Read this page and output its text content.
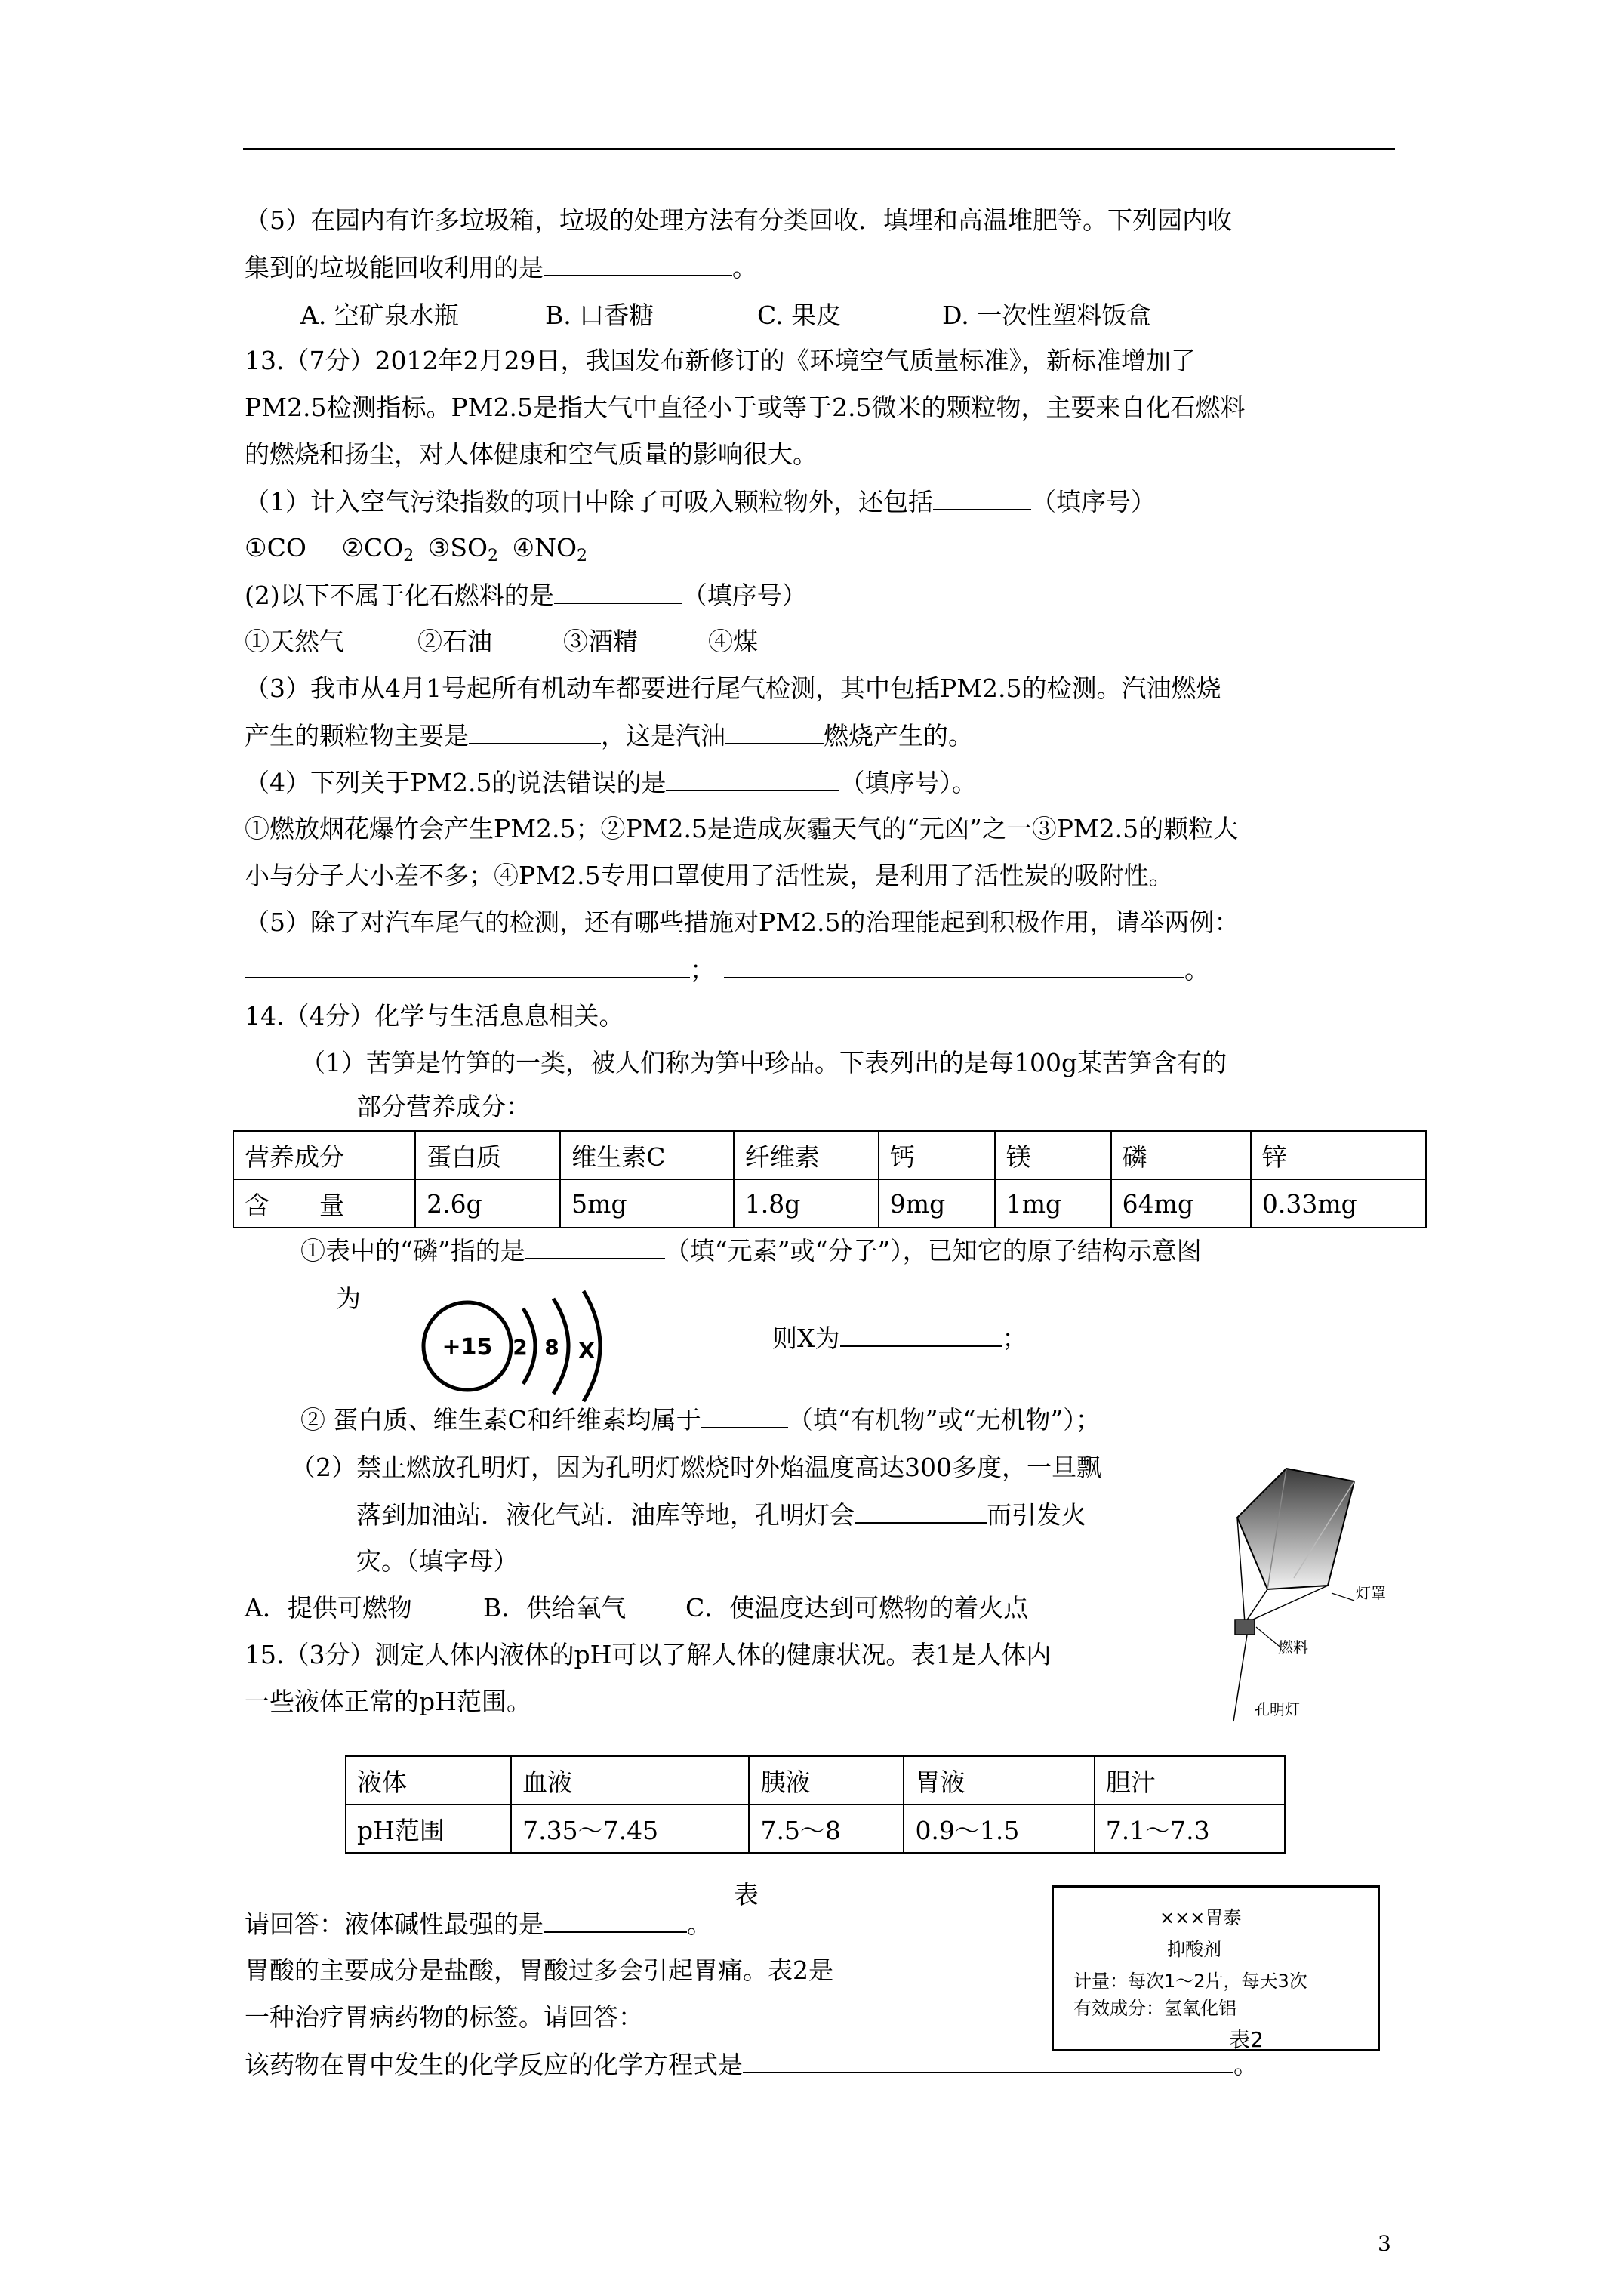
（5）在园内有许多垃圾箱，垃圾的处理方法有分类回收．填埋和高温堆肥等。下列园内收
集到的垃圾能回收利用的是	。
A. 空矿泉水瓶	B. 口香糖	C. 果皮	D. 一次性塑料饭盒
13.（7分）2012年2月29日，我国发布新修订的《环境空气质量标准》，新标准增加了
PM2.5检测指标。PM2.5是指大气中直径小于或等于2.5微米的颗粒物，主要来自化石燃料
的燃烧和扬尘，对人体健康和空气质量的影响很大。
（1）计入空气污染指数的项目中除了可吸入颗粒物外，还包括	（填序号）
①CO $②CO_2$ $③SO_2$ $④NO_2$
(2)以下不属于化石燃料的是	（填序号）
①天然气	②石油	③酒精	④煤
（3）我市从4月1号起所有机动车都要进行尾气检测，其中包括PM2.5的检测。汽油燃烧
产生的颗粒物主要是	，这是汽油	燃烧产生的。
（4）下列关于PM2.5的说法错误的是	（填序号）。
①燃放烟花爆竹会产生PM2.5；②PM2.5是造成灰霾天气的“元凶”之一③PM2.5的颗粒大
小与分子大小差不多；④PM2.5专用口罩使用了活性炭，是利用了活性炭的吸附性。
（5）除了对汽车尾气的检测，还有哪些措施对PM2.5的治理能起到积极作用，请举两例：
；	。
14.（4分）化学与生活息息相关。
（1）苦笋是竹笋的一类，被人们称为笋中珍品。下表列出的是每100g某苦笋含有的
部分营养成分：
营养成分	蛋白质	维生素C	纤维素	钙	镁	磷	锌
含　　量	2.6g	5mg	1.8g	9mg	1mg	64mg	0.33mg
①表中的“磷”指的是	（填“元素”或“分子”），已知它的原子结构示意图
为
+15 2 8 X	则X为	；
② 蛋白质、维生素C和纤维素均属于	（填“有机物”或“无机物”）；
（2）禁止燃放孔明灯，因为孔明灯燃烧时外焰温度高达300多度，一旦飘
落到加油站．液化气站．油库等地，孔明灯会	而引发火
灾。（填字母）
A．提供可燃物	B．供给氧气 C．使温度达到可燃物的着火点	灯罩
燃料
孔明灯
15.（3分）测定人体内液体的pH可以了解人体的健康状况。表1是人体内
一些液体正常的pH范围。
液体	血液	胰液	胃液	胆汁
pH范围	7.35～7.45	7.5～8	0.9～1.5	7.1～7.3
表
请回答：液体碱性最强的是	。
胃酸的主要成分是盐酸，胃酸过多会引起胃痛。表2是
一种治疗胃病药物的标签。请回答：
该药物在胃中发生的化学反应的化学方程式是	。
×××胃泰
抑酸剂
计量：每次1～2片，每天3次
有效成分：氢氧化铝
表2
3
